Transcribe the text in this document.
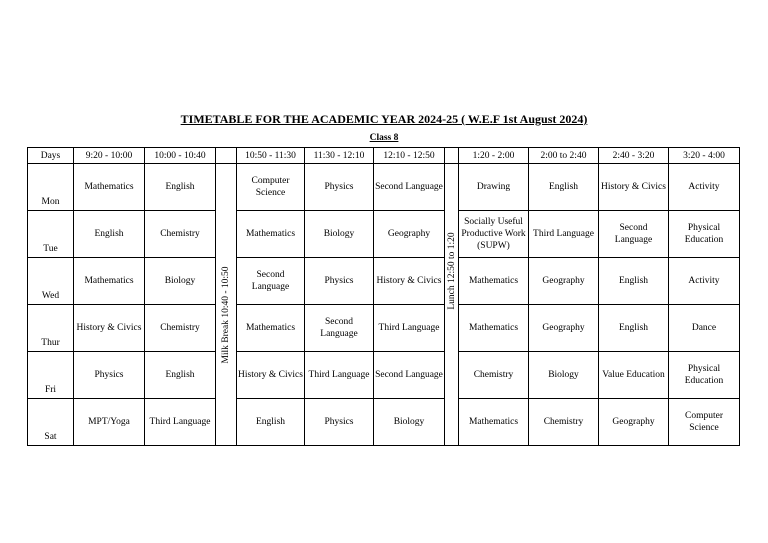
TIMETABLE FOR THE ACADEMIC YEAR 2024-25 ( W.E.F 1st August 2024)
Class 8
Days	9:20 - 10:00	10:00 - 10:40		10:50 - 11:30	11:30 - 12:10	12:10 - 12:50		1:20 - 2:00	2:00 to 2:40	2:40 - 3:20	3:20 - 4:00
Mon	Mathematics	English	Milk Break 10:40 - 10:50	Computer Science	Physics	Second Language	Lunch 12:50 to 1:20	Drawing	English	History & Civics	Activity
Tue	English	Chemistry		Mathematics	Biology	Geography		Socially Useful Productive Work (SUPW)	Third Language	Second Language	Physical Education
Wed	Mathematics	Biology		Second Language	Physics	History & Civics		Mathematics	Geography	English	Activity
Thur	History & Civics	Chemistry		Mathematics	Second Language	Third Language		Mathematics	Geography	English	Dance
Fri	Physics	English		History & Civics	Third Language	Second Language		Chemistry	Biology	Value Education	Physical Education
Sat	MPT/Yoga	Third Language		English	Physics	Biology		Mathematics	Chemistry	Geography	Computer Science
